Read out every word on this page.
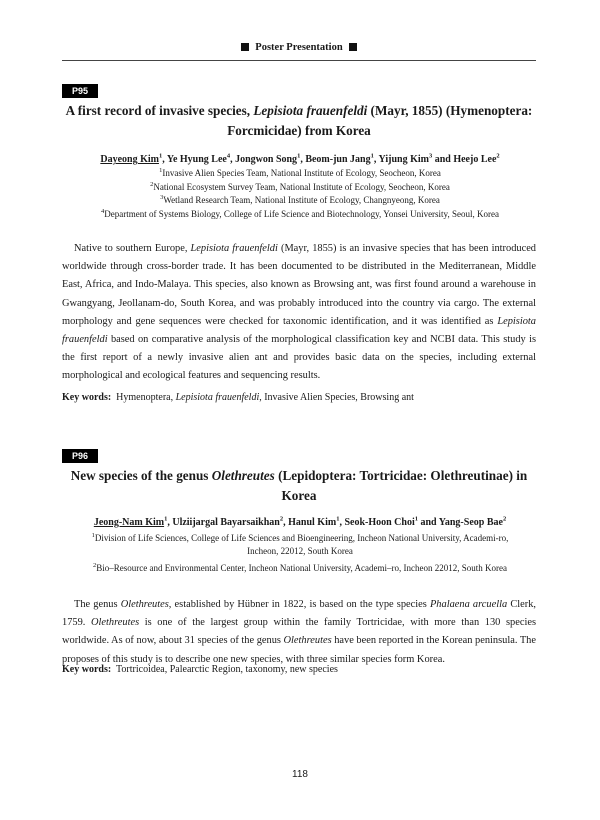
Poster Presentation
P95
A first record of invasive species, Lepisiota frauenfeldi (Mayr, 1855) (Hymenoptera:
Forcmicidae) from Korea
Dayeong Kim$^1$, Ye Hyung Lee$^4$, Jongwon Song$^1$, Beom-jun Jang$^1$, Yijung Kim$^3$ and Heejo Lee$^2$
$^1$Invasive Alien Species Team, National Institute of Ecology, Seocheon, Korea
$^2$National Ecosystem Survey Team, National Institute of Ecology, Seocheon, Korea
$^3$Wetland Research Team, National Institute of Ecology, Changnyeong, Korea
$^4$Department of Systems Biology, College of Life Science and Biotechnology, Yonsei University, Seoul, Korea

Native to southern Europe, Lepisiota frauenfeldi (Mayr, 1855) is an invasive species that has been introduced worldwide through cross-border trade. It has been documented to be distributed in the Mediterranean, Middle East, Africa, and Indo-Malaya. This species, also known as Browsing ant, was first found around a warehouse in Gwangyang, Jeollanam-do, South Korea, and was probably introduced into the country via cargo. The external morphology and gene sequences were checked for taxonomic identification, and it was identified as Lepisiota frauenfeldi based on comparative analysis of the morphological classification key and NCBI data. This study is the first report of a newly invasive alien ant and provides basic data on the species, including external morphological and ecological features and sequencing results.

Key words: Hymenoptera, Lepisiota frauenfeldi, Invasive Alien Species, Browsing ant
P96
New species of the genus Olethreutes (Lepidoptera: Tortricidae: Olethreutinae) in
Korea
Jeong-Nam Kim$^1$, Ulziijargal Bayarsaikhan$^2$, Hanul Kim$^1$, Seok-Hoon Choi$^1$ and Yang-Seop Bae$^2$
$^1$Division of Life Sciences, College of Life Sciences and Bioengineering, Incheon National University, Academi-ro,
Incheon, 22012, South Korea
$^2$Bio–Resource and Environmental Center, Incheon National University, Academi–ro, Incheon 22012, South Korea

The genus Olethreutes, established by Hübner in 1822, is based on the type species Phalaena arcuella Clerk, 1759. Olethreutes is one of the largest group within the family Tortricidae, with more than 130 species worldwide. As of now, about 31 species of the genus Olethreutes have been reported in the Korean peninsula. The proposes of this study is to describe one new species, with three similar species form Korea.

Key words: Tortricoidea, Palearctic Region, taxonomy, new species
118
